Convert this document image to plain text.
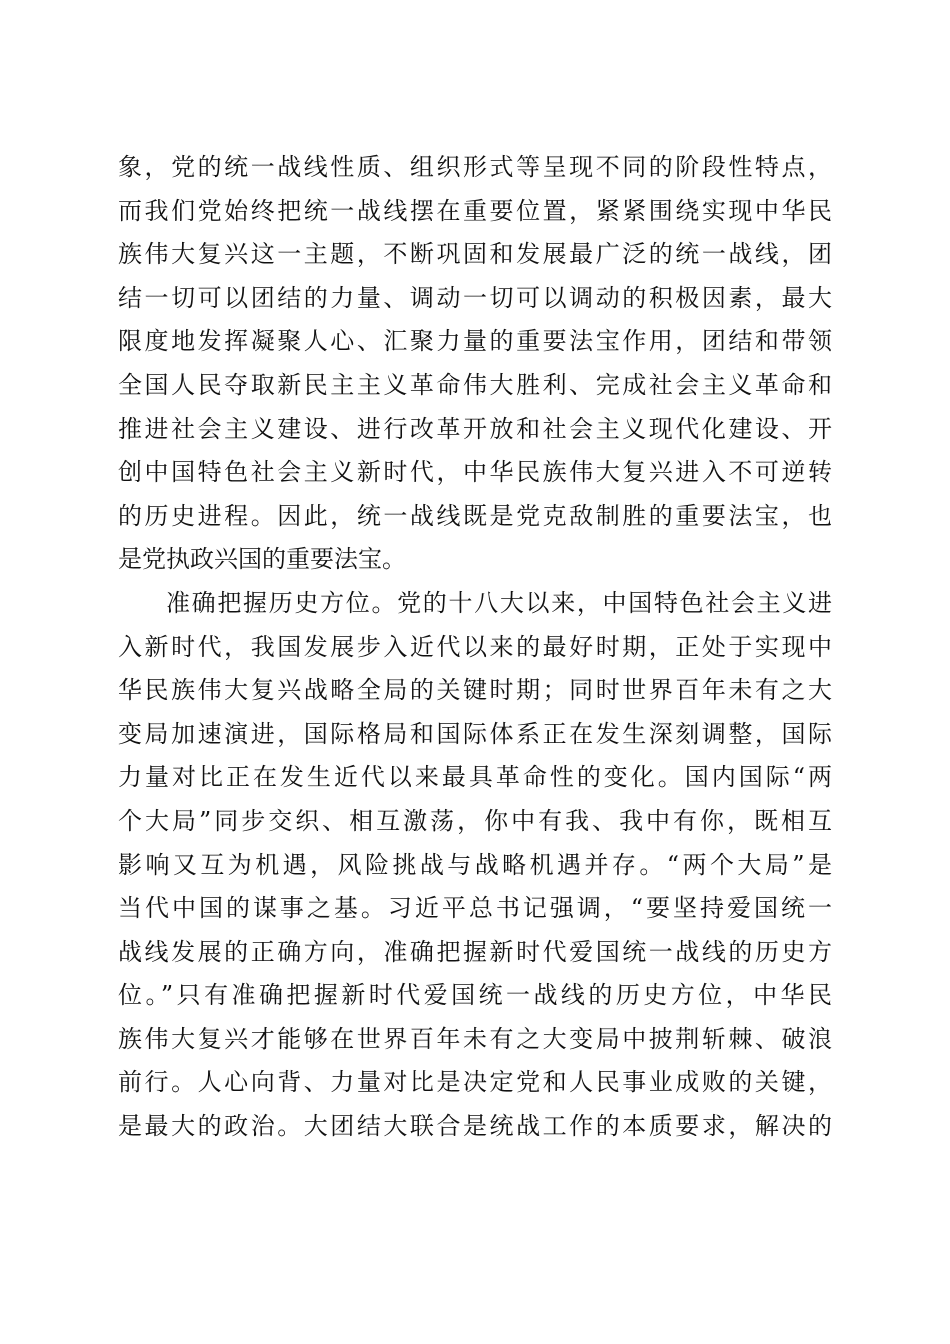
象，党的统一战线性质、组织形式等呈现不同的阶段性特点，
而我们党始终把统一战线摆在重要位置，紧紧围绕实现中华民
族伟大复兴这一主题，不断巩固和发展最广泛的统一战线，团
结一切可以团结的力量、调动一切可以调动的积极因素，最大
限度地发挥凝聚人心、汇聚力量的重要法宝作用，团结和带领
全国人民夺取新民主主义革命伟大胜利、完成社会主义革命和
推进社会主义建设、进行改革开放和社会主义现代化建设、开
创中国特色社会主义新时代，中华民族伟大复兴进入不可逆转
的历史进程。因此，统一战线既是党克敌制胜的重要法宝，也
是党执政兴国的重要法宝。
准确把握历史方位。党的十八大以来，中国特色社会主义进
入新时代，我国发展步入近代以来的最好时期，正处于实现中
华民族伟大复兴战略全局的关键时期；同时世界百年未有之大
变局加速演进，国际格局和国际体系正在发生深刻调整，国际
力量对比正在发生近代以来最具革命性的变化。国内国际“两
个大局”同步交织、相互激荡，你中有我、我中有你，既相互
影响又互为机遇，风险挑战与战略机遇并存。“两个大局”是
当代中国的谋事之基。习近平总书记强调，“要坚持爱国统一
战线发展的正确方向，准确把握新时代爱国统一战线的历史方
位。”只有准确把握新时代爱国统一战线的历史方位，中华民
族伟大复兴才能够在世界百年未有之大变局中披荆斩棘、破浪
前行。人心向背、力量对比是决定党和人民事业成败的关键，
是最大的政治。大团结大联合是统战工作的本质要求，解决的
